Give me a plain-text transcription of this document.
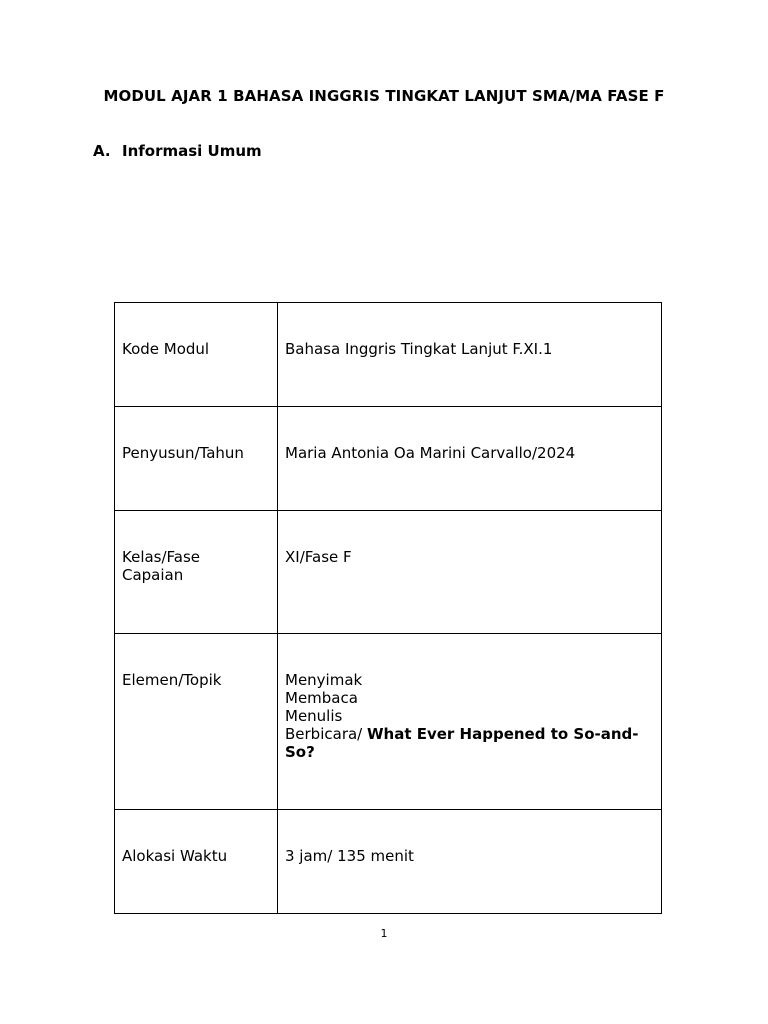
MODUL AJAR 1 BAHASA INGGRIS TINGKAT LANJUT SMA/MA FASE F
A. Informasi Umum
Kode Modul	Bahasa Inggris Tingkat Lanjut F.XI.1

Penyusun/Tahun	Maria Antonia Oa Marini Carvallo/2024

Kelas/Fase
Capaian	XI/Fase F

Elemen/Topik	Menyimak
Membaca
Menulis
Berbicara/ What Ever Happened to So-and-So?

Alokasi Waktu	3 jam/ 135 menit
1
